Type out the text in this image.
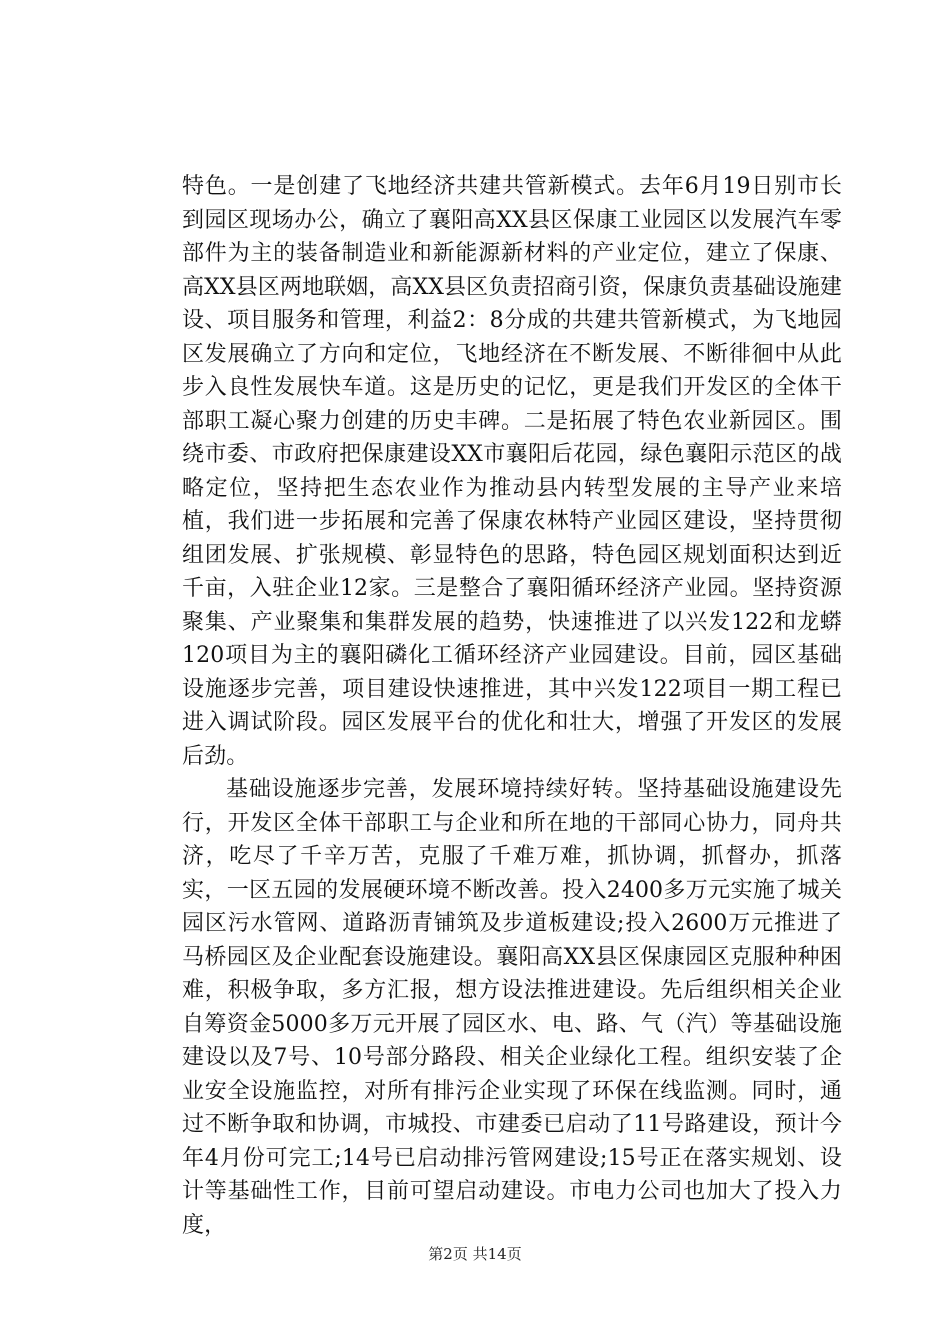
特色。一是创建了飞地经济共建共管新模式。去年6月19日别市长到园区现场办公，确立了襄阳高XX县区保康工业园区以发展汽车零部件为主的装备制造业和新能源新材料的产业定位，建立了保康、高XX县区两地联姻，高XX县区负责招商引资，保康负责基础设施建设、项目服务和管理，利益2：8分成的共建共管新模式，为飞地园区发展确立了方向和定位，飞地经济在不断发展、不断徘徊中从此步入良性发展快车道。这是历史的记忆，更是我们开发区的全体干部职工凝心聚力创建的历史丰碑。二是拓展了特色农业新园区。围绕市委、市政府把保康建设XX市襄阳后花园，绿色襄阳示范区的战略定位，坚持把生态农业作为推动县内转型发展的主导产业来培植，我们进一步拓展和完善了保康农林特产业园区建设，坚持贯彻组团发展、扩张规模、彰显特色的思路，特色园区规划面积达到近千亩，入驻企业12家。三是整合了襄阳循环经济产业园。坚持资源聚集、产业聚集和集群发展的趋势，快速推进了以兴发122和龙蟒120项目为主的襄阳磷化工循环经济产业园建设。目前，园区基础设施逐步完善，项目建设快速推进，其中兴发122项目一期工程已进入调试阶段。园区发展平台的优化和壮大，增强了开发区的发展后劲。

基础设施逐步完善，发展环境持续好转。坚持基础设施建设先行，开发区全体干部职工与企业和所在地的干部同心协力，同舟共济，吃尽了千辛万苦，克服了千难万难，抓协调，抓督办，抓落实，一区五园的发展硬环境不断改善。投入2400多万元实施了城关园区污水管网、道路沥青铺筑及步道板建设;投入2600万元推进了马桥园区及企业配套设施建设。襄阳高XX县区保康园区克服种种困难，积极争取，多方汇报，想方设法推进建设。先后组织相关企业自筹资金5000多万元开展了园区水、电、路、气（汽）等基础设施建设以及7号、10号部分路段、相关企业绿化工程。组织安装了企业安全设施监控，对所有排污企业实现了环保在线监测。同时，通过不断争取和协调，市城投、市建委已启动了11号路建设，预计今年4月份可完工;14号已启动排污管网建设;15号正在落实规划、设计等基础性工作，目前可望启动建设。市电力公司也加大了投入力度，

第2页 共14页
